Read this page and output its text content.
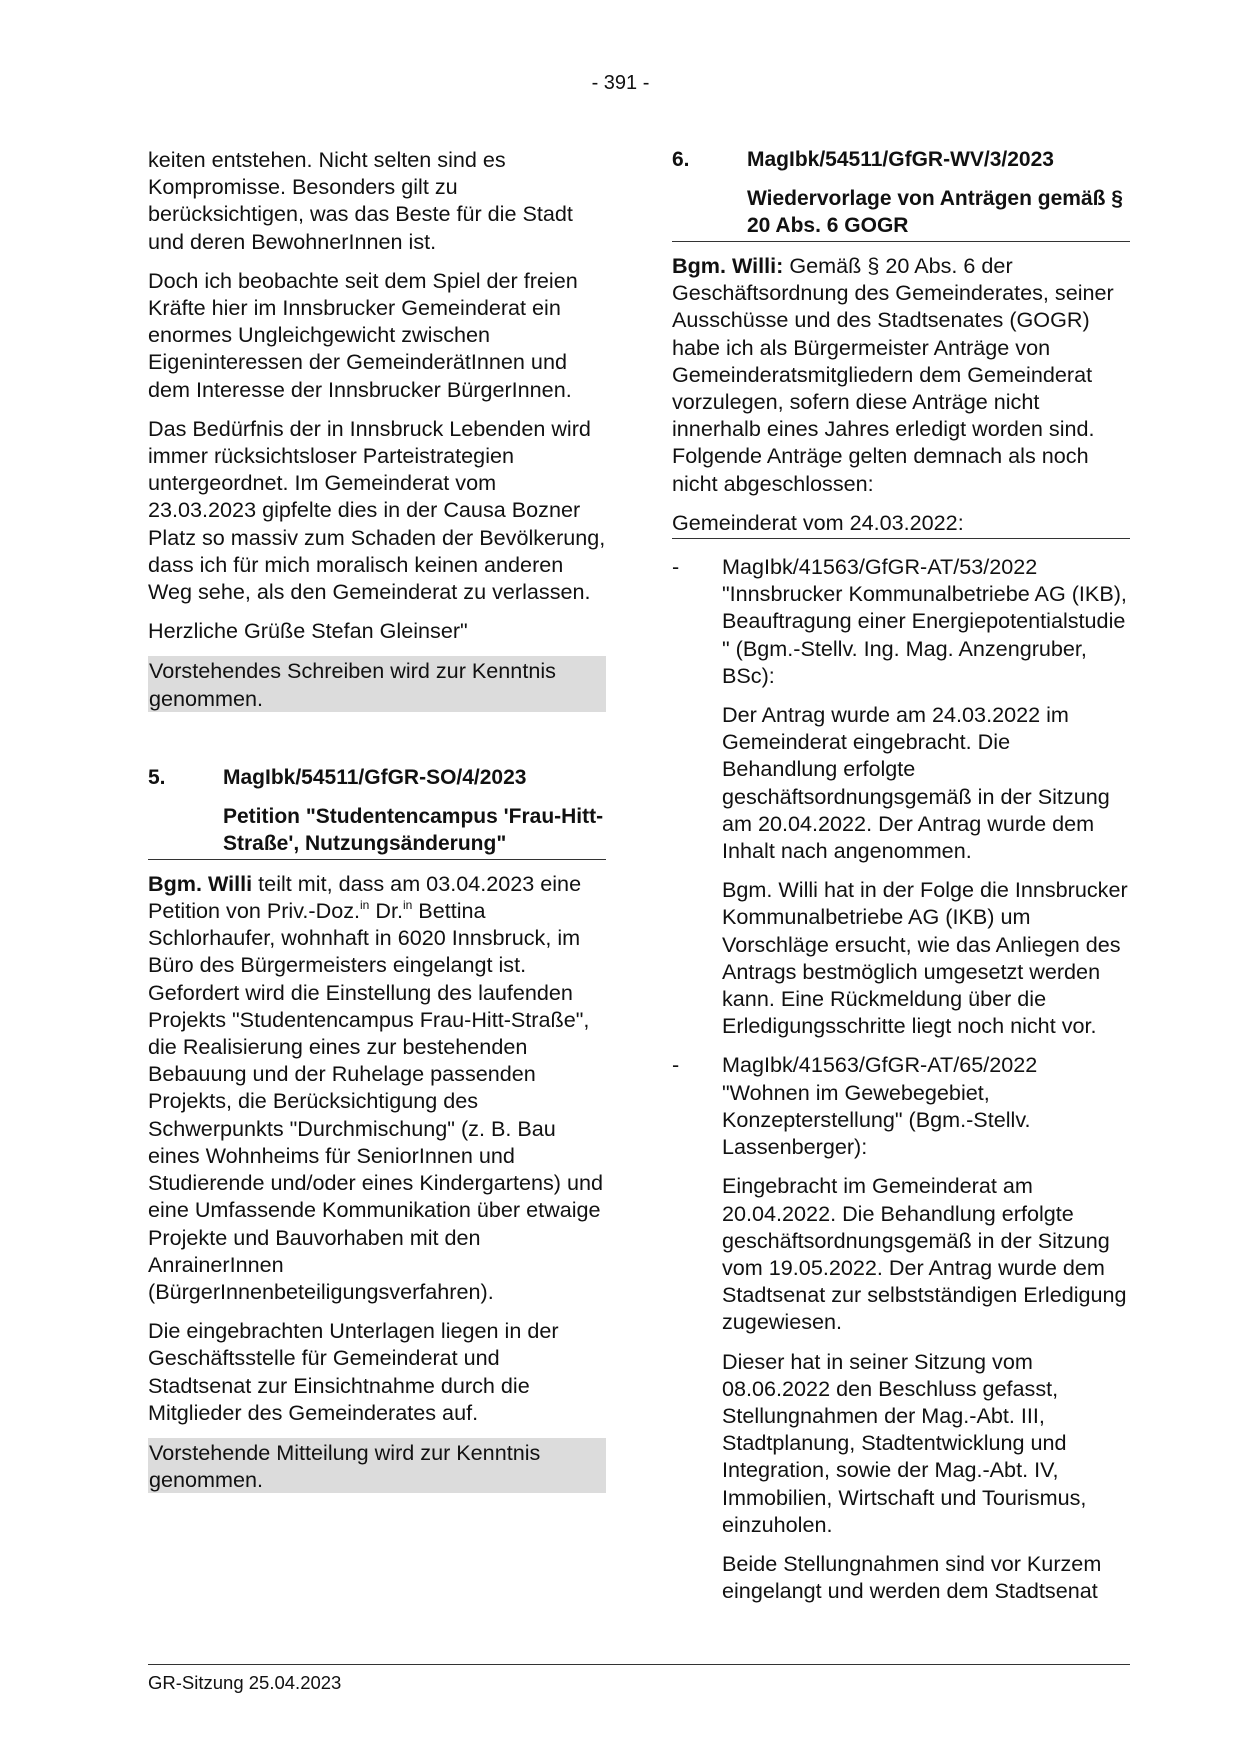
- 391 -

keiten entstehen. Nicht selten sind es Kompromisse. Besonders gilt zu berücksichtigen, was das Beste für die Stadt und deren BewohnerInnen ist.

Doch ich beobachte seit dem Spiel der freien Kräfte hier im Innsbrucker Gemeinderat ein enormes Ungleichgewicht zwischen Eigeninteressen der GemeinderätInnen und dem Interesse der Innsbrucker BürgerInnen.

Das Bedürfnis der in Innsbruck Lebenden wird immer rücksichtsloser Parteistrategien untergeordnet. Im Gemeinderat vom 23.03.2023 gipfelte dies in der Causa Bozner Platz so massiv zum Schaden der Bevölkerung, dass ich für mich moralisch keinen anderen Weg sehe, als den Gemeinderat zu verlassen.

Herzliche Grüße Stefan Gleinser"

Vorstehendes Schreiben wird zur Kenntnis genommen.

5.	MagIbk/54511/GfGR-SO/4/2023
Petition "Studentencampus 'Frau-Hitt-Straße', Nutzungsänderung"

Bgm. Willi teilt mit, dass am 03.04.2023 eine Petition von Priv.-Doz.$^{in}$ Dr.$^{in}$ Bettina Schlorhaufer, wohnhaft in 6020 Innsbruck, im Büro des Bürgermeisters eingelangt ist. Gefordert wird die Einstellung des laufenden Projekts "Studentencampus Frau-Hitt-Straße", die Realisierung eines zur bestehenden Bebauung und der Ruhelage passenden Projekts, die Berücksichtigung des Schwerpunkts "Durchmischung" (z. B. Bau eines Wohnheims für SeniorInnen und Studierende und/oder eines Kindergartens) und eine Umfassende Kommunikation über etwaige Projekte und Bauvorhaben mit den AnrainerInnen (BürgerInnenbeteiligungsverfahren).

Die eingebrachten Unterlagen liegen in der Geschäftsstelle für Gemeinderat und Stadtsenat zur Einsichtnahme durch die Mitglieder des Gemeinderates auf.

Vorstehende Mitteilung wird zur Kenntnis genommen.

6.	MagIbk/54511/GfGR-WV/3/2023
Wiedervorlage von Anträgen gemäß § 20 Abs. 6 GOGR

Bgm. Willi: Gemäß § 20 Abs. 6 der Geschäftsordnung des Gemeinderates, seiner Ausschüsse und des Stadtsenates (GOGR) habe ich als Bürgermeister Anträge von Gemeinderatsmitgliedern dem Gemeinderat vorzulegen, sofern diese Anträge nicht innerhalb eines Jahres erledigt worden sind. Folgende Anträge gelten demnach als noch nicht abgeschlossen:

Gemeinderat vom 24.03.2022:
-	MagIbk/41563/GfGR-AT/53/2022 "Innsbrucker Kommunalbetriebe AG (IKB), Beauftragung einer Energiepotentialstudie " (Bgm.-Stellv. Ing. Mag. Anzengruber, BSc):

Der Antrag wurde am 24.03.2022 im Gemeinderat eingebracht. Die Behandlung erfolgte geschäftsordnungsgemäß in der Sitzung am 20.04.2022. Der Antrag wurde dem Inhalt nach angenommen.

Bgm. Willi hat in der Folge die Innsbrucker Kommunalbetriebe AG (IKB) um Vorschläge ersucht, wie das Anliegen des Antrags bestmöglich umgesetzt werden kann. Eine Rückmeldung über die Erledigungsschritte liegt noch nicht vor.

-	MagIbk/41563/GfGR-AT/65/2022 "Wohnen im Gewebegebiet, Konzepterstellung" (Bgm.-Stellv. Lassenberger):

Eingebracht im Gemeinderat am 20.04.2022. Die Behandlung erfolgte geschäftsordnungsgemäß in der Sitzung vom 19.05.2022. Der Antrag wurde dem Stadtsenat zur selbstständigen Erledigung zugewiesen.

Dieser hat in seiner Sitzung vom 08.06.2022 den Beschluss gefasst, Stellungnahmen der Mag.-Abt. III, Stadtplanung, Stadtentwicklung und Integration, sowie der Mag.-Abt. IV, Immobilien, Wirtschaft und Tourismus, einzuholen.

Beide Stellungnahmen sind vor Kurzem eingelangt und werden dem Stadtsenat

GR-Sitzung 25.04.2023
